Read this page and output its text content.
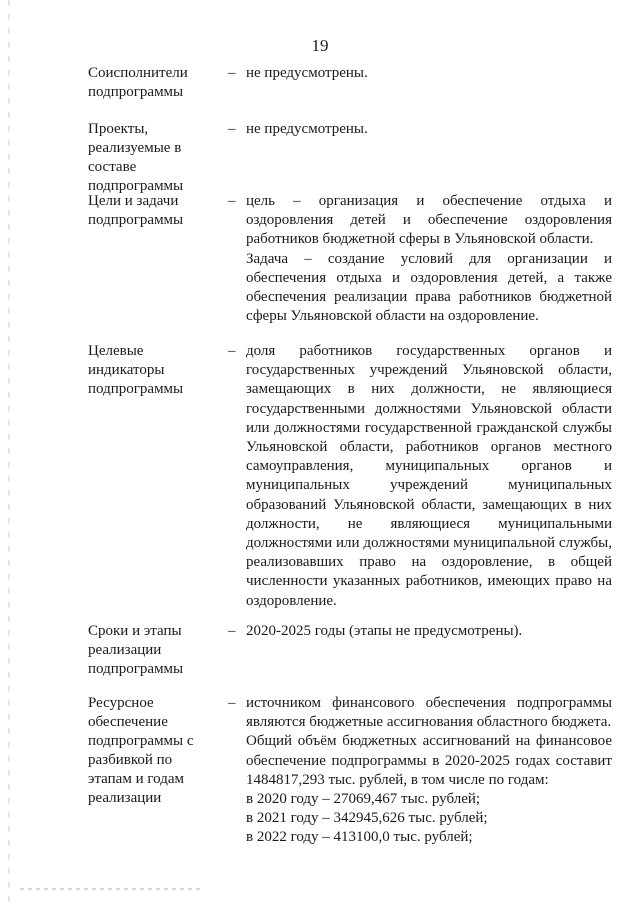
19
Соисполнители подпрограммы
– не предусмотрены.

Проекты, реализуемые в составе подпрограммы
– не предусмотрены.

Цели и задачи подпрограммы
– цель – организация и обеспечение отдыха и оздоровления детей и обеспечение оздоровления работников бюджетной сферы в Ульяновской области.

Задача – создание условий для организации и обеспечения отдыха и оздоровления детей, а также обеспечения реализации права работников бюджетной сферы Ульяновской области на оздоровление.

Целевые индикаторы подпрограммы
– доля работников государственных органов и государственных учреждений Ульяновской области, замещающих в них должности, не являющиеся государственными должностями Ульяновской области или должностями государственной гражданской службы Ульяновской области, работников органов местного самоуправления, муниципальных органов и муниципальных учреждений муниципальных образований Ульяновской области, замещающих в них должности, не являющиеся муниципальными должностями или должностями муниципальной службы, реализовавших право на оздоровление, в общей численности указанных работников, имеющих право на оздоровление.

Сроки и этапы реализации подпрограммы
– 2020-2025 годы (этапы не предусмотрены).

Ресурсное обеспечение подпрограммы с разбивкой по этапам и годам реализации
– источником финансового обеспечения подпрограммы являются бюджетные ассигнования областного бюджета.

Общий объём бюджетных ассигнований на финансовое обеспечение подпрограммы в 2020-2025 годах составит 1484817,293 тыс. рублей, в том числе по годам:

в 2020 году – 27069,467 тыс. рублей;

в 2021 году – 342945,626 тыс. рублей;

в 2022 году – 413100,0 тыс. рублей;
